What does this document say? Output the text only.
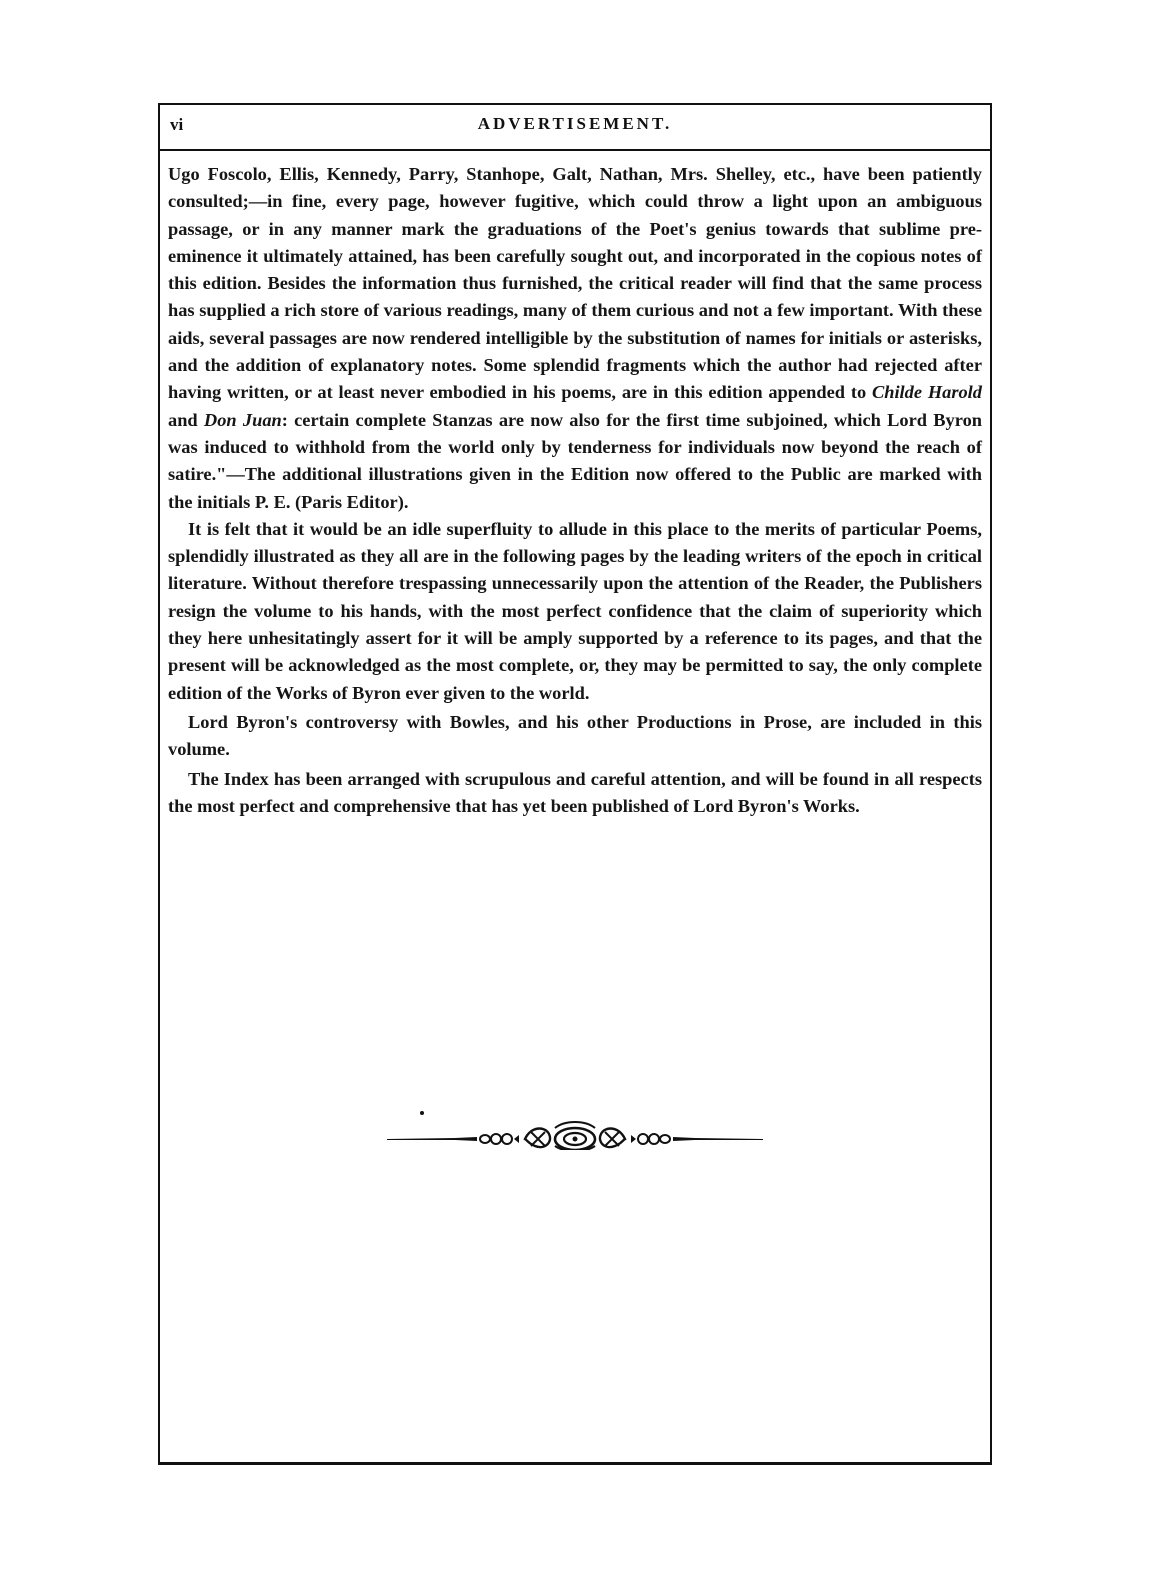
vi	ADVERTISEMENT.

Ugo Foscolo, Ellis, Kennedy, Parry, Stanhope, Galt, Nathan, Mrs. Shelley, etc., have been patiently consulted;—in fine, every page, however fugitive, which could throw a light upon an ambiguous passage, or in any manner mark the graduations of the Poet's genius towards that sublime pre-eminence it ultimately attained, has been carefully sought out, and incorporated in the copious notes of this edition. Besides the information thus furnished, the critical reader will find that the same process has supplied a rich store of various readings, many of them curious and not a few important. With these aids, several passages are now rendered intelligible by the substitution of names for initials or asterisks, and the addition of explanatory notes. Some splendid fragments which the author had rejected after having written, or at least never embodied in his poems, are in this edition appended to Childe Harold and Don Juan: certain complete Stanzas are now also for the first time subjoined, which Lord Byron was induced to withhold from the world only by tenderness for individuals now beyond the reach of satire."—The additional illustrations given in the Edition now offered to the Public are marked with the initials P. E. (Paris Editor).

It is felt that it would be an idle superfluity to allude in this place to the merits of particular Poems, splendidly illustrated as they all are in the following pages by the leading writers of the epoch in critical literature. Without therefore trespassing unnecessarily upon the attention of the Reader, the Publishers resign the volume to his hands, with the most perfect confidence that the claim of superiority which they here unhesitatingly assert for it will be amply supported by a reference to its pages, and that the present will be acknowledged as the most complete, or, they may be permitted to say, the only complete edition of the Works of Byron ever given to the world.

Lord Byron's controversy with Bowles, and his other Productions in Prose, are included in this volume.

The Index has been arranged with scrupulous and careful attention, and will be found in all respects the most perfect and comprehensive that has yet been published of Lord Byron's Works.
